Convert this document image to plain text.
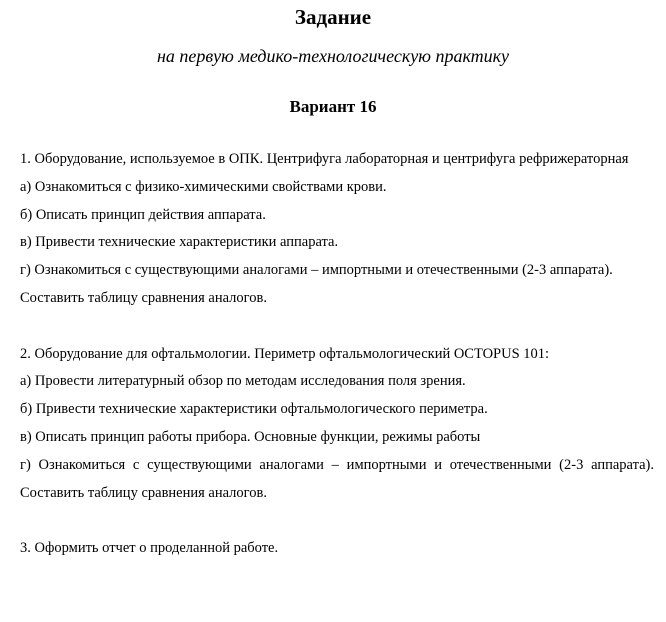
Задание
на первую медико-технологическую практику
Вариант 16

1. Оборудование, используемое в ОПК. Центрифуга лабораторная и центрифуга рефрижераторная

а) Ознакомиться с физико-химическими свойствами крови.

б) Описать принцип действия аппарата.

в) Привести технические характеристики аппарата.

г) Ознакомиться с существующими аналогами – импортными и отечественными (2-3 аппарата).

Составить таблицу сравнения аналогов.

2. Оборудование для офтальмологии. Периметр офтальмологический OCTOPUS 101:

а) Провести литературный обзор по методам исследования поля зрения.

б) Привести технические характеристики офтальмологического периметра.

в) Описать принцип работы прибора. Основные функции, режимы работы

г) Ознакомиться с существующими аналогами – импортными и отечественными (2-3 аппарата). Составить таблицу сравнения аналогов.

3. Оформить отчет о проделанной работе.
